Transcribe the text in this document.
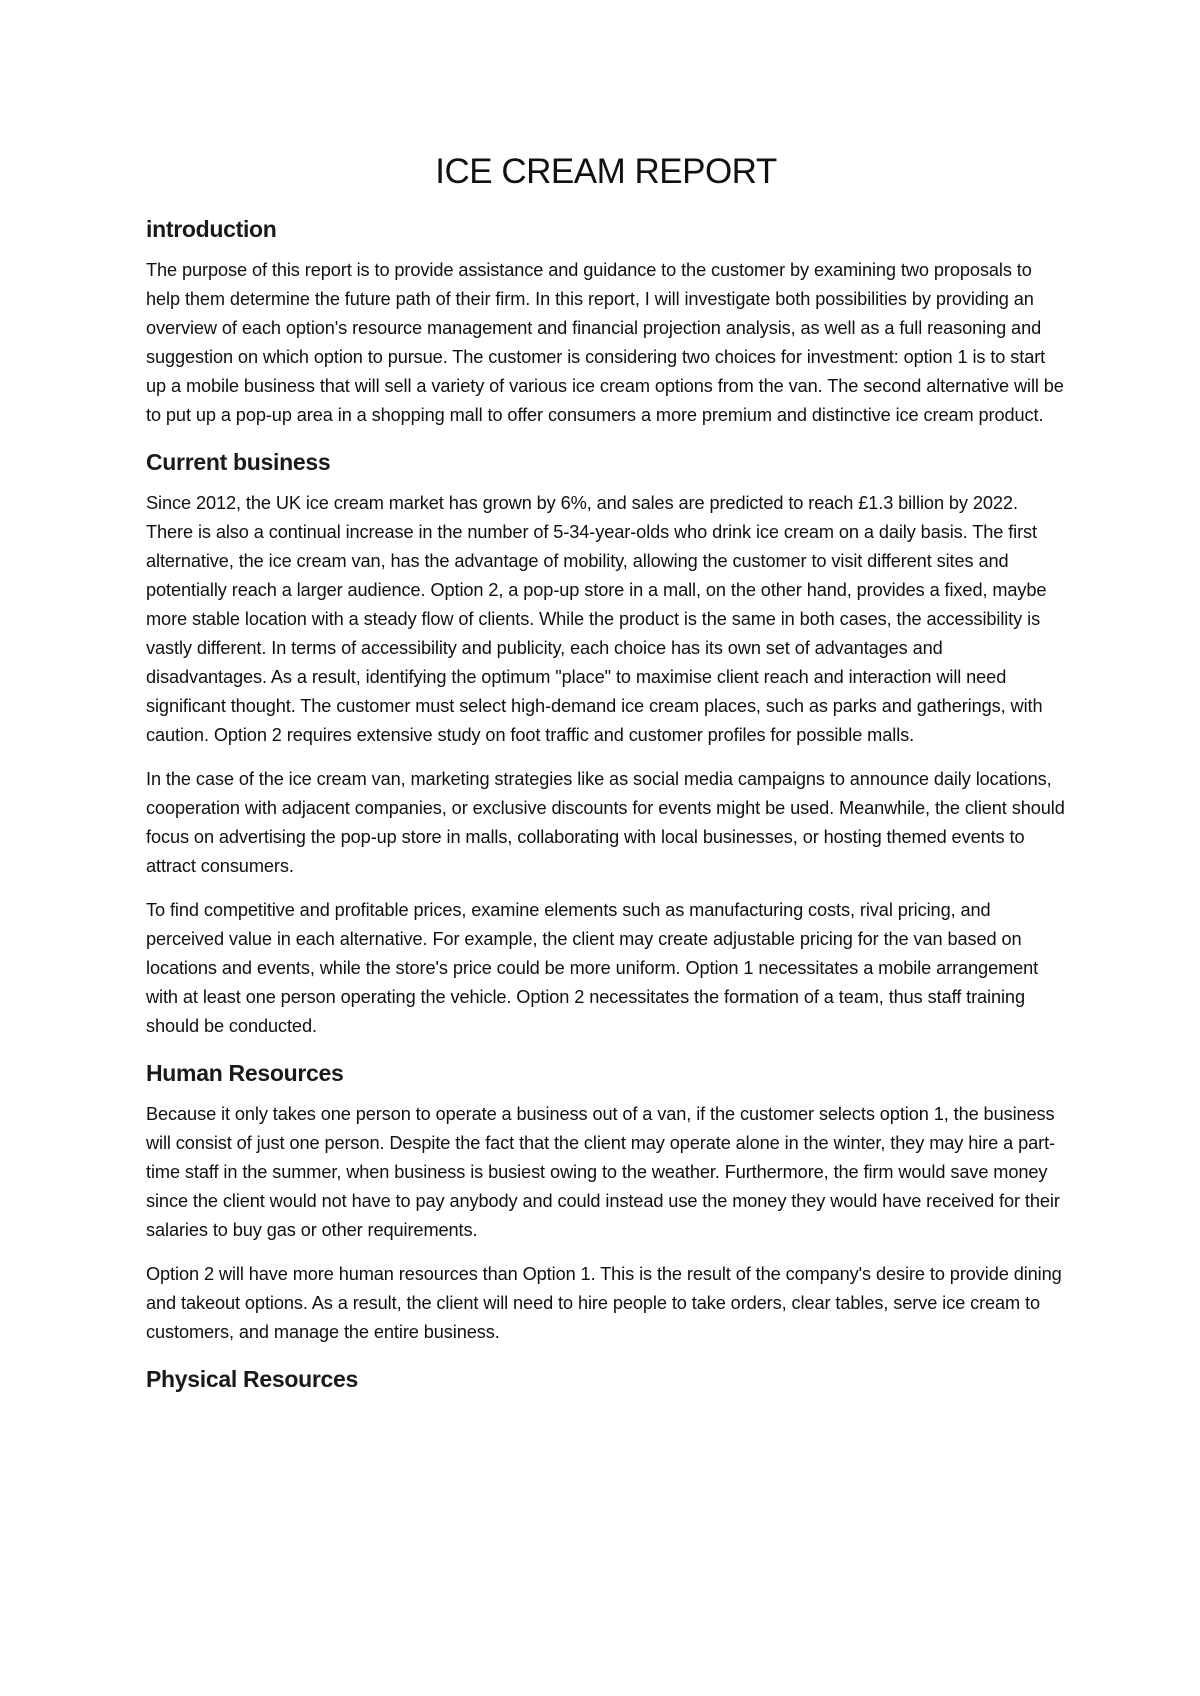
ICE CREAM REPORT
introduction

The purpose of this report is to provide assistance and guidance to the customer by examining two proposals to help them determine the future path of their firm. In this report, I will investigate both possibilities by providing an overview of each option's resource management and financial projection analysis, as well as a full reasoning and suggestion on which option to pursue. The customer is considering two choices for investment: option 1 is to start up a mobile business that will sell a variety of various ice cream options from the van. The second alternative will be to put up a pop-up area in a shopping mall to offer consumers a more premium and distinctive ice cream product.

Current business

Since 2012, the UK ice cream market has grown by 6%, and sales are predicted to reach £1.3 billion by 2022. There is also a continual increase in the number of 5-34-year-olds who drink ice cream on a daily basis. The first alternative, the ice cream van, has the advantage of mobility, allowing the customer to visit different sites and potentially reach a larger audience. Option 2, a pop-up store in a mall, on the other hand, provides a fixed, maybe more stable location with a steady flow of clients. While the product is the same in both cases, the accessibility is vastly different. In terms of accessibility and publicity, each choice has its own set of advantages and disadvantages. As a result, identifying the optimum "place" to maximise client reach and interaction will need significant thought. The customer must select high-demand ice cream places, such as parks and gatherings, with caution. Option 2 requires extensive study on foot traffic and customer profiles for possible malls.

In the case of the ice cream van, marketing strategies like as social media campaigns to announce daily locations, cooperation with adjacent companies, or exclusive discounts for events might be used. Meanwhile, the client should focus on advertising the pop-up store in malls, collaborating with local businesses, or hosting themed events to attract consumers.

To find competitive and profitable prices, examine elements such as manufacturing costs, rival pricing, and perceived value in each alternative. For example, the client may create adjustable pricing for the van based on locations and events, while the store's price could be more uniform. Option 1 necessitates a mobile arrangement with at least one person operating the vehicle. Option 2 necessitates the formation of a team, thus staff training should be conducted.

Human Resources

Because it only takes one person to operate a business out of a van, if the customer selects option 1, the business will consist of just one person. Despite the fact that the client may operate alone in the winter, they may hire a part-time staff in the summer, when business is busiest owing to the weather. Furthermore, the firm would save money since the client would not have to pay anybody and could instead use the money they would have received for their salaries to buy gas or other requirements.

Option 2 will have more human resources than Option 1. This is the result of the company's desire to provide dining and takeout options. As a result, the client will need to hire people to take orders, clear tables, serve ice cream to customers, and manage the entire business.

Physical Resources
